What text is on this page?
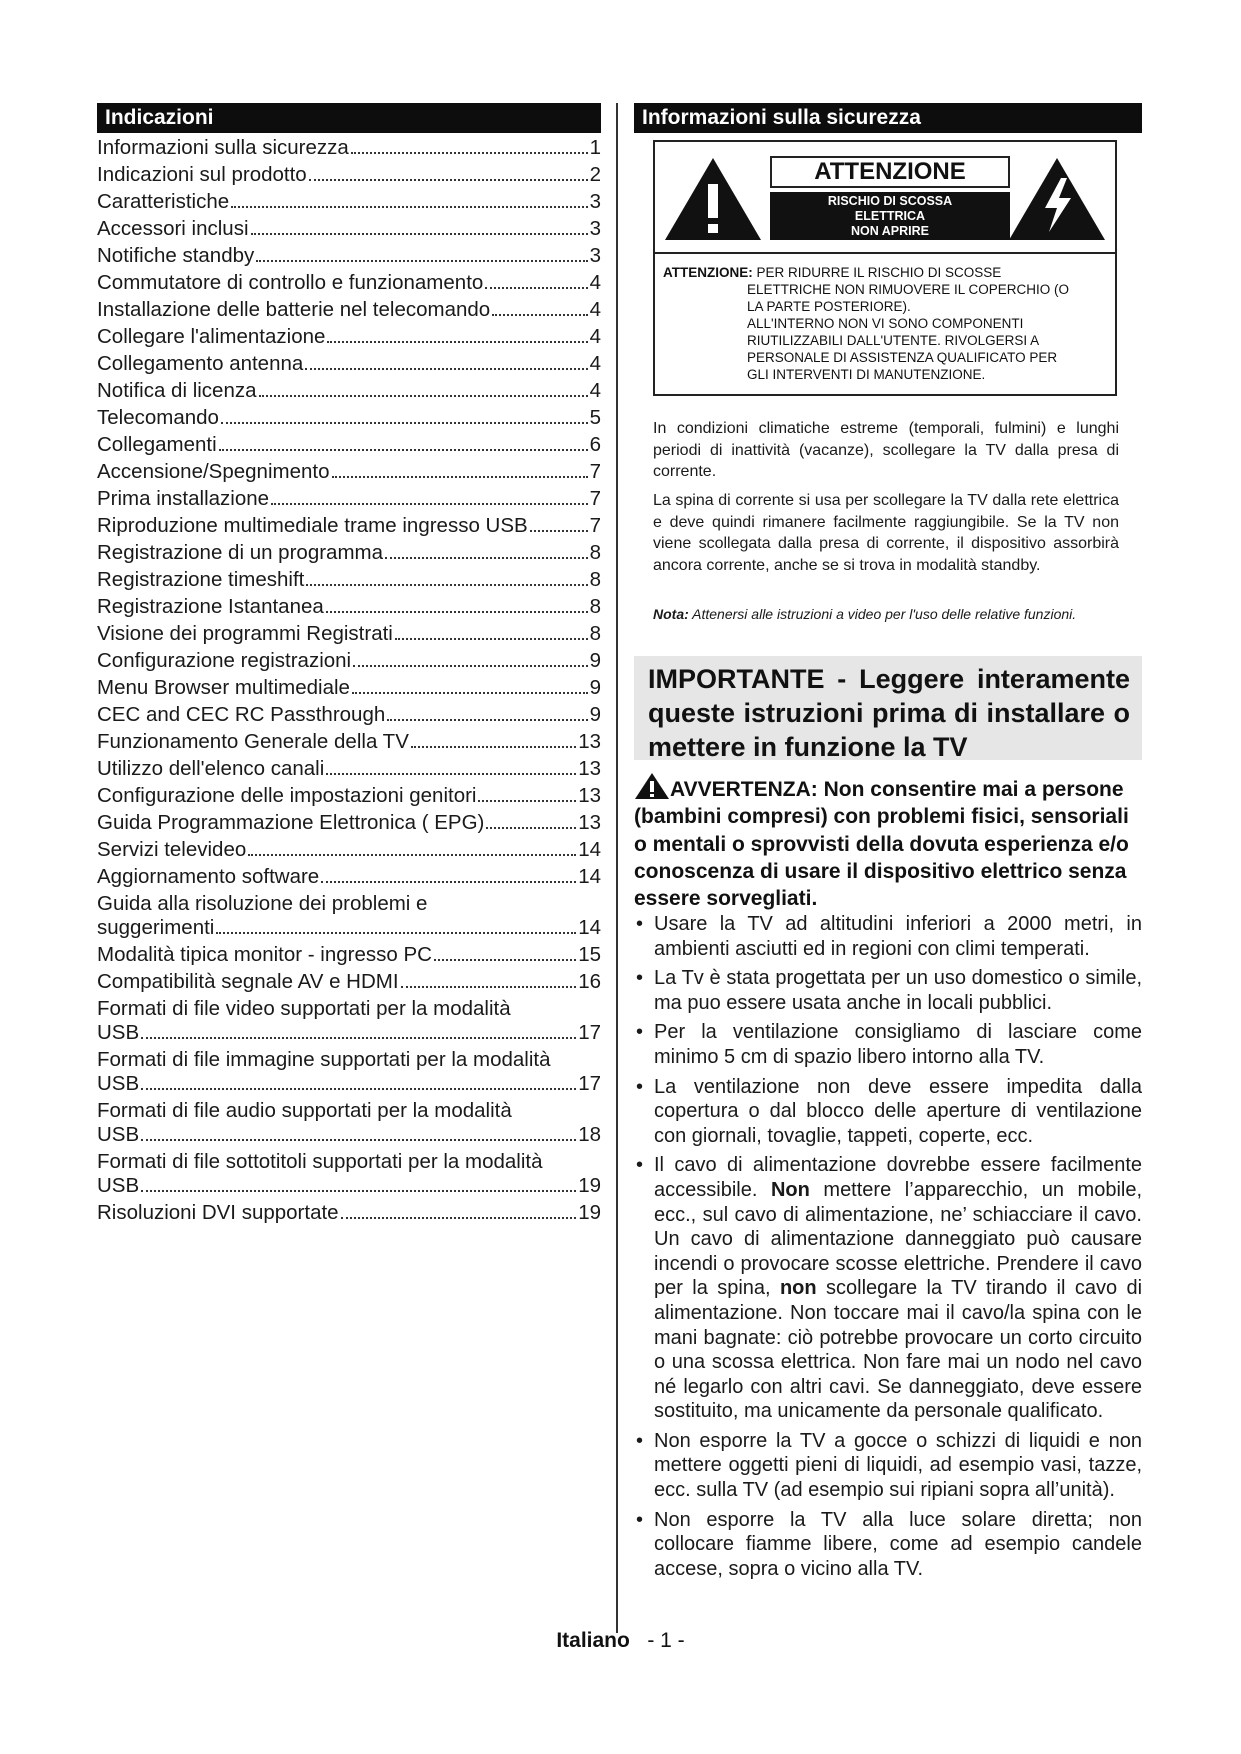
Indicazioni
Informazioni sulla sicurezza	1
Indicazioni sul prodotto	2
Caratteristiche	3
Accessori inclusi	3
Notifiche standby	3
Commutatore di controllo e funzionamento	4
Installazione delle batterie nel telecomando	4
Collegare l'alimentazione	4
Collegamento antenna	4
Notifica di licenza	4
Telecomando	5
Collegamenti	6
Accensione/Spegnimento	7
Prima installazione	7
Riproduzione multimediale trame ingresso USB	7
Registrazione di un programma	8
Registrazione timeshift	8
Registrazione Istantanea	8
Visione dei programmi Registrati	8
Configurazione registrazioni	9
Menu Browser multimediale	9
CEC and CEC RC Passthrough	9
Funzionamento Generale della TV	13
Utilizzo dell'elenco canali	13
Configurazione delle impostazioni genitori	13
Guida Programmazione Elettronica ( EPG)	13
Servizi televideo	14
Aggiornamento software	14
Guida alla risoluzione dei problemi e
suggerimenti	14
Modalità tipica monitor - ingresso PC	15
Compatibilità segnale AV e HDMI	16
Formati di file video supportati per la modalità
USB	17
Formati di file immagine supportati per la modalità
USB	17
Formati di file audio supportati per la modalità
USB	18
Formati di file sottotitoli supportati per la modalità
USB	19
Risoluzioni DVI supportate	19
Informazioni sulla sicurezza
ATTENZIONE
RISCHIO DI SCOSSA
ELETTRICA
NON APRIRE
ATTENZIONE: PER RIDURRE IL RISCHIO DI SCOSSE
ELETTRICHE NON RIMUOVERE IL COPERCHIO (O
LA PARTE POSTERIORE).
ALL'INTERNO NON VI SONO COMPONENTI
RIUTILIZZABILI DALL'UTENTE. RIVOLGERSI A
PERSONALE DI ASSISTENZA QUALIFICATO PER
GLI INTERVENTI DI MANUTENZIONE.
In condizioni climatiche estreme (temporali, fulmini) e lunghi periodi di inattività (vacanze), scollegare la TV dalla presa di corrente.
La spina di corrente si usa per scollegare la TV dalla rete elettrica e deve quindi rimanere facilmente raggiungibile. Se la TV non viene scollegata dalla presa di corrente, il dispositivo assorbirà ancora corrente, anche se si trova in modalità standby.
Nota: Attenersi alle istruzioni a video per l'uso delle relative funzioni.
IMPORTANTE - Leggere interamente queste istruzioni prima di installare o mettere in funzione la TV
AVVERTENZA: Non consentire mai a persone (bambini compresi) con problemi fisici, sensoriali o mentali o sprovvisti della dovuta esperienza e/o conoscenza di usare il dispositivo elettrico senza essere sorvegliati.
• Usare la TV ad altitudini inferiori a 2000 metri, in ambienti asciutti ed in regioni con climi temperati.
• La Tv è stata progettata per un uso domestico o simile, ma puo essere usata anche in locali pubblici.
• Per la ventilazione consigliamo di lasciare come minimo 5 cm di spazio libero intorno alla TV.
• La ventilazione non deve essere impedita dalla copertura o dal blocco delle aperture di ventilazione con giornali, tovaglie, tappeti, coperte, ecc.
• Il cavo di alimentazione dovrebbe essere facilmente accessibile. Non mettere l’apparecchio, un mobile, ecc., sul cavo di alimentazione, ne’ schiacciare il cavo. Un cavo di alimentazione danneggiato può causare incendi o provocare scosse elettriche. Prendere il cavo per la spina, non scollegare la TV tirando il cavo di alimentazione. Non toccare mai il cavo/la spina con le mani bagnate: ciò potrebbe provocare un corto circuito o una scossa elettrica. Non fare mai un nodo nel cavo né legarlo con altri cavi. Se danneggiato, deve essere sostituito, ma unicamente da personale qualificato.
• Non esporre la TV a gocce o schizzi di liquidi e non mettere oggetti pieni di liquidi, ad esempio vasi, tazze, ecc. sulla TV (ad esempio sui ripiani sopra all’unità).
• Non esporre la TV alla luce solare diretta; non collocare fiamme libere, come ad esempio candele accese, sopra o vicino alla TV.
Italiano - 1 -
